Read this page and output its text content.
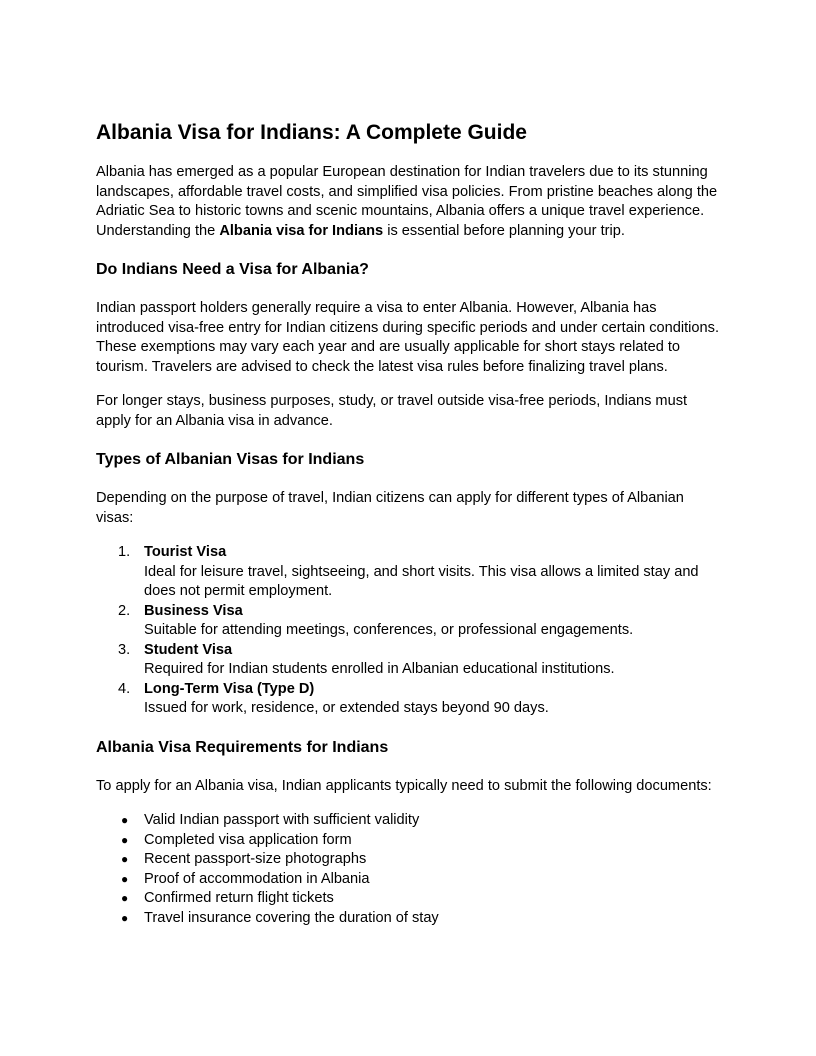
Albania Visa for Indians: A Complete Guide

Albania has emerged as a popular European destination for Indian travelers due to its stunning landscapes, affordable travel costs, and simplified visa policies. From pristine beaches along the Adriatic Sea to historic towns and scenic mountains, Albania offers a unique travel experience. Understanding the Albania visa for Indians is essential before planning your trip.

Do Indians Need a Visa for Albania?

Indian passport holders generally require a visa to enter Albania. However, Albania has introduced visa-free entry for Indian citizens during specific periods and under certain conditions. These exemptions may vary each year and are usually applicable for short stays related to tourism. Travelers are advised to check the latest visa rules before finalizing travel plans.

For longer stays, business purposes, study, or travel outside visa-free periods, Indians must apply for an Albania visa in advance.

Types of Albanian Visas for Indians

Depending on the purpose of travel, Indian citizens can apply for different types of Albanian visas:

1. Tourist Visa
Ideal for leisure travel, sightseeing, and short visits. This visa allows a limited stay and does not permit employment.
2. Business Visa
Suitable for attending meetings, conferences, or professional engagements.
3. Student Visa
Required for Indian students enrolled in Albanian educational institutions.
4. Long-Term Visa (Type D)
Issued for work, residence, or extended stays beyond 90 days.
Albania Visa Requirements for Indians

To apply for an Albania visa, Indian applicants typically need to submit the following documents:

● Valid Indian passport with sufficient validity
● Completed visa application form
● Recent passport-size photographs
● Proof of accommodation in Albania
● Confirmed return flight tickets
● Travel insurance covering the duration of stay
